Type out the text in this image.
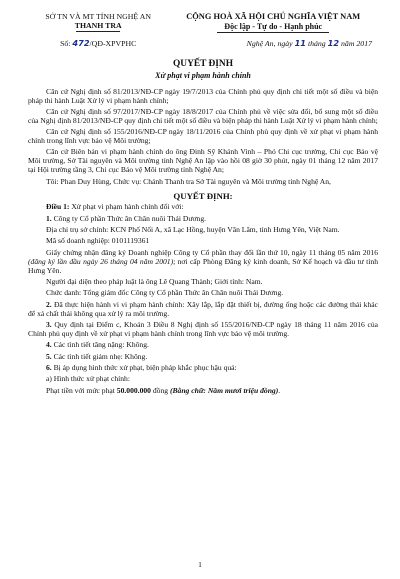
SỞ TN VÀ MT TỈNH NGHỆ AN
THANH TRA
Số: 472/QĐ-XPVPHC
CỘNG HOÀ XÃ HỘI CHỦ NGHĨA VIỆT NAM
Độc lập - Tự do - Hạnh phúc
Nghệ An, ngày 11 tháng 12 năm 2017
QUYẾT ĐỊNH
Xử phạt vi phạm hành chính
Căn cứ Nghị định số 81/2013/NĐ-CP ngày 19/7/2013 của Chính phủ quy định chi tiết một số điều và biện pháp thi hành Luật Xử lý vi phạm hành chính;
Căn cứ Nghị định số 97/2017/NĐ-CP ngày 18/8/2017 của Chính phủ về việc sửa đổi, bổ sung một số điều của Nghị định 81/2013/NĐ-CP quy định chi tiết một số điều và biện pháp thi hành Luật Xử lý vi phạm hành chính;
Căn cứ Nghị định số 155/2016/NĐ-CP ngày 18/11/2016 của Chính phủ quy định về xử phạt vi phạm hành chính trong lĩnh vực bảo vệ Môi trường;
Căn cứ Biên bản vi phạm hành chính do ông Đinh Sỹ Khánh Vinh – Phó Chi cục trưởng, Chi cục Bảo vệ Môi trường, Sở Tài nguyên và Môi trường tỉnh Nghệ An lập vào hồi 08 giờ 30 phút, ngày 01 tháng 12 năm 2017 tại Hội trường tầng 3, Chi cục Bảo vệ Môi trường tỉnh Nghệ An;
Tôi: Phan Duy Hùng, Chức vụ: Chánh Thanh tra Sở Tài nguyên và Môi trường tỉnh Nghệ An,
QUYẾT ĐỊNH:
Điều 1: Xử phạt vi phạm hành chính đối với:
1. Công ty Cổ phần Thức ăn Chăn nuôi Thái Dương.
Địa chỉ trụ sở chính: KCN Phố Nối A, xã Lạc Hồng, huyện Văn Lâm, tỉnh Hưng Yên, Việt Nam.
Mã số doanh nghiệp: 0101119361
Giấy chứng nhận đăng ký Doanh nghiệp Công ty Cổ phần thay đổi lần thứ 10, ngày 11 tháng 05 năm 2016 (đăng ký lần đầu ngày 26 tháng 04 năm 2001); nơi cấp Phòng Đăng ký kinh doanh, Sở Kế hoạch và đầu tư tỉnh Hưng Yên.
Người đại diện theo pháp luật là ông Lê Quang Thành; Giới tính: Nam.
Chức danh: Tổng giám đốc Công ty Cổ phần Thức ăn Chăn nuôi Thái Dương.
2. Đã thực hiện hành vi vi phạm hành chính: Xây lắp, lắp đặt thiết bị, đường ống hoặc các đường thải khác để xả chất thải không qua xử lý ra môi trường.
3. Quy định tại Điểm c, Khoản 3 Điều 8 Nghị định số 155/2016/NĐ-CP ngày 18 tháng 11 năm 2016 của Chính phủ quy định về xử phạt vi phạm hành chính trong lĩnh vực bảo vệ môi trường.
4. Các tình tiết tăng nặng: Không.
5. Các tình tiết giảm nhẹ: Không.
6. Bị áp dụng hình thức xử phạt, biện pháp khắc phục hậu quả:
a) Hình thức xử phạt chính:
Phạt tiền với mức phạt 50.000.000 đồng (Bằng chữ: Năm mươi triệu đồng).
1
